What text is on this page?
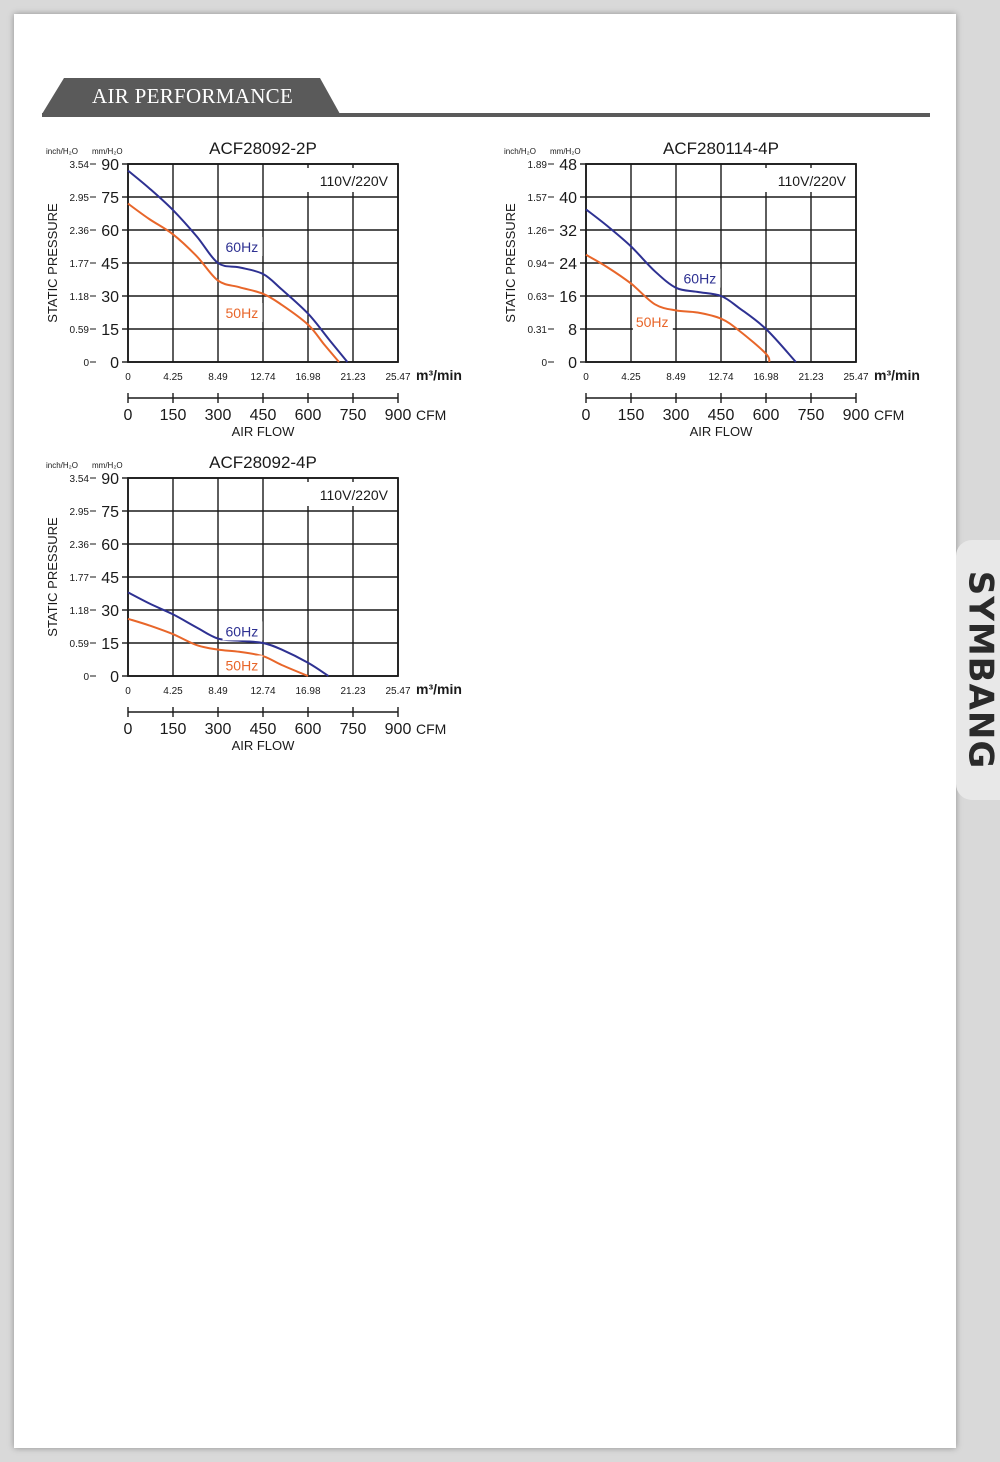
AIR PERFORMANCE
SYMBANG
ACF28092-2P
inch/H₂O mm/H₂O
110V/220V
0
0
15
0.59
30
1.18
45
1.77
60
2.36
75
2.95
90
3.54
STATIC PRESSURE
0	4.25	8.49 12.74 16.98 21.23 25.47 m³/min
0 150 300 450 600 750 900 CFM
AIR FLOW
60Hz
50Hz
ACF280114-4P
inch/H₂O mm/H₂O
110V/220V
0
0
8
0.31
16
0.63
24
0.94
32
1.26
40
1.57
48
1.89
STATIC PRESSURE
0	4.25	8.49 12.74 16.98 21.23 25.47 m³/min
0 150 300 450 600 750 900 CFM
AIR FLOW
60Hz
50Hz
ACF28092-4P
inch/H₂O mm/H₂O
110V/220V
0
0
15
0.59
30
1.18
45
1.77
60
2.36
75
2.95
90
3.54
STATIC PRESSURE
0	4.25	8.49 12.74 16.98 21.23 25.47 m³/min
0 150 300 450 600 750 900 CFM
AIR FLOW
60Hz
50Hz
